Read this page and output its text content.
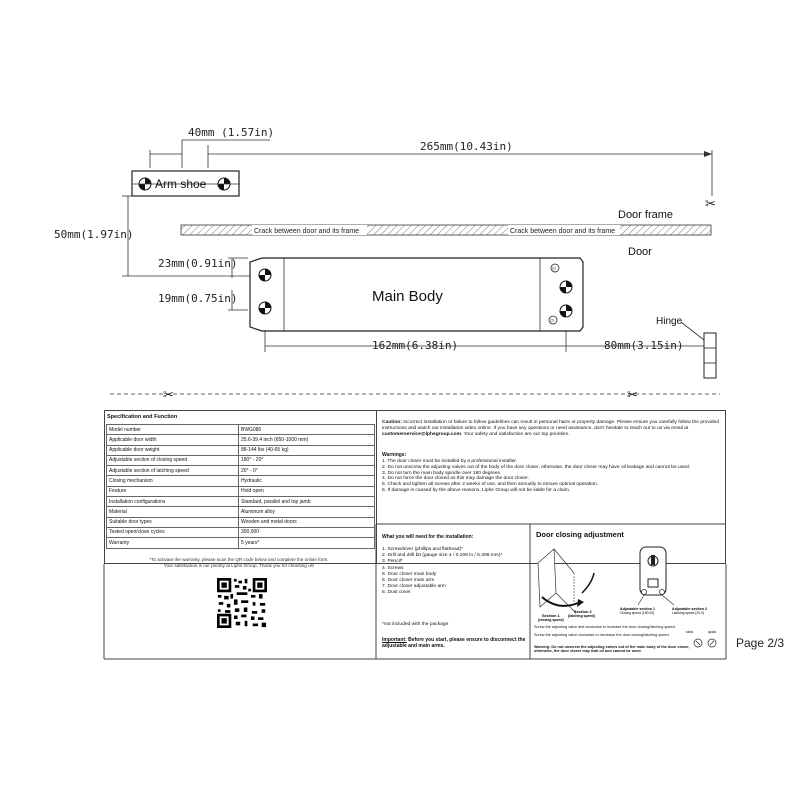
40mm (1.57in)
265mm(10.43in)
Arm shoe
✂
Door frame
Crack between door and its frame	Crack between door and its frame
Door
50mm(1.97in)
23mm(0.91in)
19mm(0.75in)
⑴
⑵
Main Body
162mm(6.38in)	80mm(3.15in)
Hinge
✂	✂
Specification and Function
Model number	BWG080
Applicable door width	25.6-39.4 inch (650-1000 mm)
Applicable door weight	88-144 lbs (40-65 kg)
Adjustable section of closing speed	180° - 20°
Adjustable section of latching speed	20° - 0°
Closing mechanism	Hydraulic
Feature	Hold open
Installation configurations	Standard, parallel and top jamb
Material	Aluminum alloy
Suitable door types	Wooden and metal doors
Tested open/close cycles	300,000
Warranty	5 years*
Caution: Incorrect installation or failure to follow guidelines can result in personal harm or property damage. Please ensure you carefully follow the provided instructions and watch our installation video online. If you have any questions or need assistance, don't hesitate to reach out to us via email at customerservice@lphegroup.com. Your safety and satisfaction are our top priorities.
Warnings:
1. The door closer must be installed by a professional installer.
2. Do not unscrew the adjusting valves out of the body of the door closer, otherwise, the door closer may have oil leakage and cannot be used.
3. Do not turn the main body spindle over 180 degrees.
4. Do not force the door closed as this may damage the door closer.
5. Check and tighten all screws after 2 weeks of use, and then annually to ensure optimal operation.
6. If damage is caused by the above reasons, Liphe Group will not be liable for a claim.
*To activate the warranty, please scan the QR code below and complete the online form.
Your satisfaction is our priority at Liphe Group. Thank you for choosing us!
What you will need for the installation:
1. Screwdriver (phillips and flathead)*
2. Drill and drill bit (gauge size 4 / 0.209 in / 5.309 mm)*
3. Pencil*
4. Screws
5. Door closer main body
6. Door closer main arm
7. Door closer adjustable arm
8. Dust cover
*not included with the package
Important: Before you start, please ensure to disconnect the adjustable and main arms.
Door closing adjustment
Section 1
(closing speed)
Section 2
(latching speed)
Adjustable section 1
Closing speed (180-20)
Adjustable section 2
Latching speed (20-0)
Screw the adjusting valve anti-clockwise to increase the door closing/latching speed.
Screw the adjusting valve clockwise to decrease the door closing/latching speed.
slow	quick
Warning: Do not unscrew the adjusting valves out of the main body of the door closer, otherwise, the door closer may leak oil and cannot be used.
Page 2/3
